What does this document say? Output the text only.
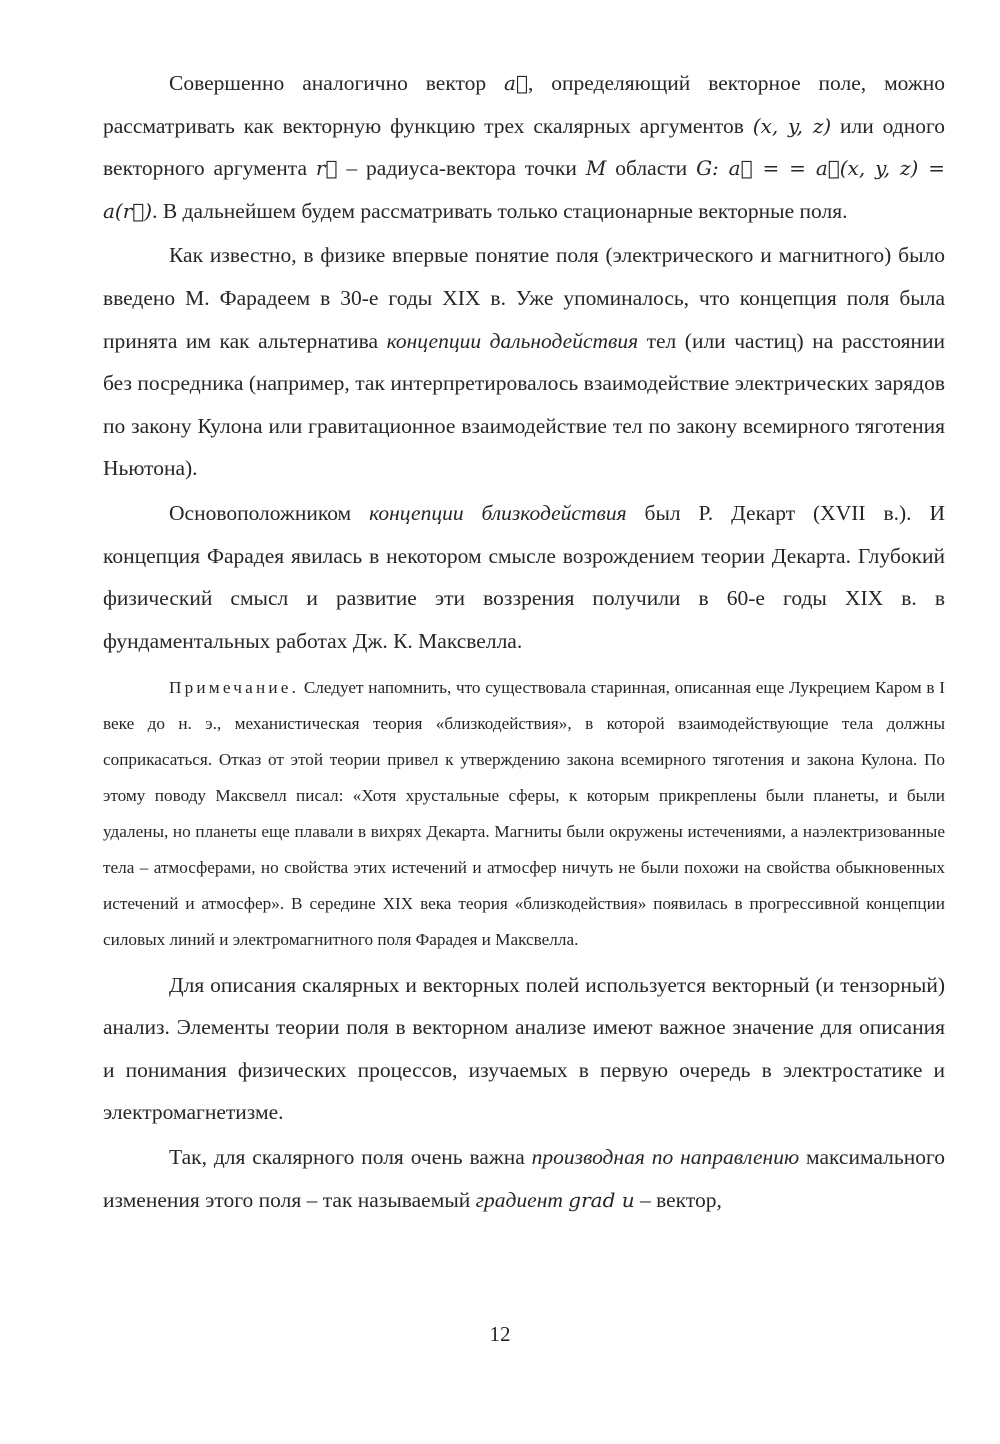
Совершенно аналогично вектор a⃗, определяющий векторное поле, можно рассматривать как векторную функцию трех скалярных аргументов (x, y, z) или одного векторного аргумента r⃗ – радиуса-вектора точки M области G: a⃗ = = a⃗(x, y, z) = a(r⃗). В дальнейшем будем рассматривать только стационарные векторные поля.

Как известно, в физике впервые понятие поля (электрического и магнитного) было введено М. Фарадеем в 30-е годы XIX в. Уже упоминалось, что концепция поля была принята им как альтернатива концепции дальнодействия тел (или частиц) на расстоянии без посредника (например, так интерпретировалось взаимодействие электрических зарядов по закону Кулона или гравитационное взаимодействие тел по закону всемирного тяготения Ньютона).

Основоположником концепции близкодействия был Р. Декарт (XVII в.). И концепция Фарадея явилась в некотором смысле возрождением теории Декарта. Глубокий физический смысл и развитие эти воззрения получили в 60-е годы XIX в. в фундаментальных работах Дж. К. Максвелла.

Примечание. Следует напомнить, что существовала старинная, описанная еще Лукрецием Каром в I веке до н. э., механистическая теория «близкодействия», в которой взаимодействующие тела должны соприкасаться. Отказ от этой теории привел к утверждению закона всемирного тяготения и закона Кулона. По этому поводу Максвелл писал: «Хотя хрустальные сферы, к которым прикреплены были планеты, и были удалены, но планеты еще плавали в вихрях Декарта. Магниты были окружены истечениями, а наэлектризованные тела – атмосферами, но свойства этих истечений и атмосфер ничуть не были похожи на свойства обыкновенных истечений и атмосфер». В середине XIX века теория «близкодействия» появилась в прогрессивной концепции силовых линий и электромагнитного поля Фарадея и Максвелла.

Для описания скалярных и векторных полей используется векторный (и тензорный) анализ. Элементы теории поля в векторном анализе имеют важное значение для описания и понимания физических процессов, изучаемых в первую очередь в электростатике и электромагнетизме.

Так, для скалярного поля очень важна производная по направлению максимального изменения этого поля – так называемый градиент grad u – вектор,

12
